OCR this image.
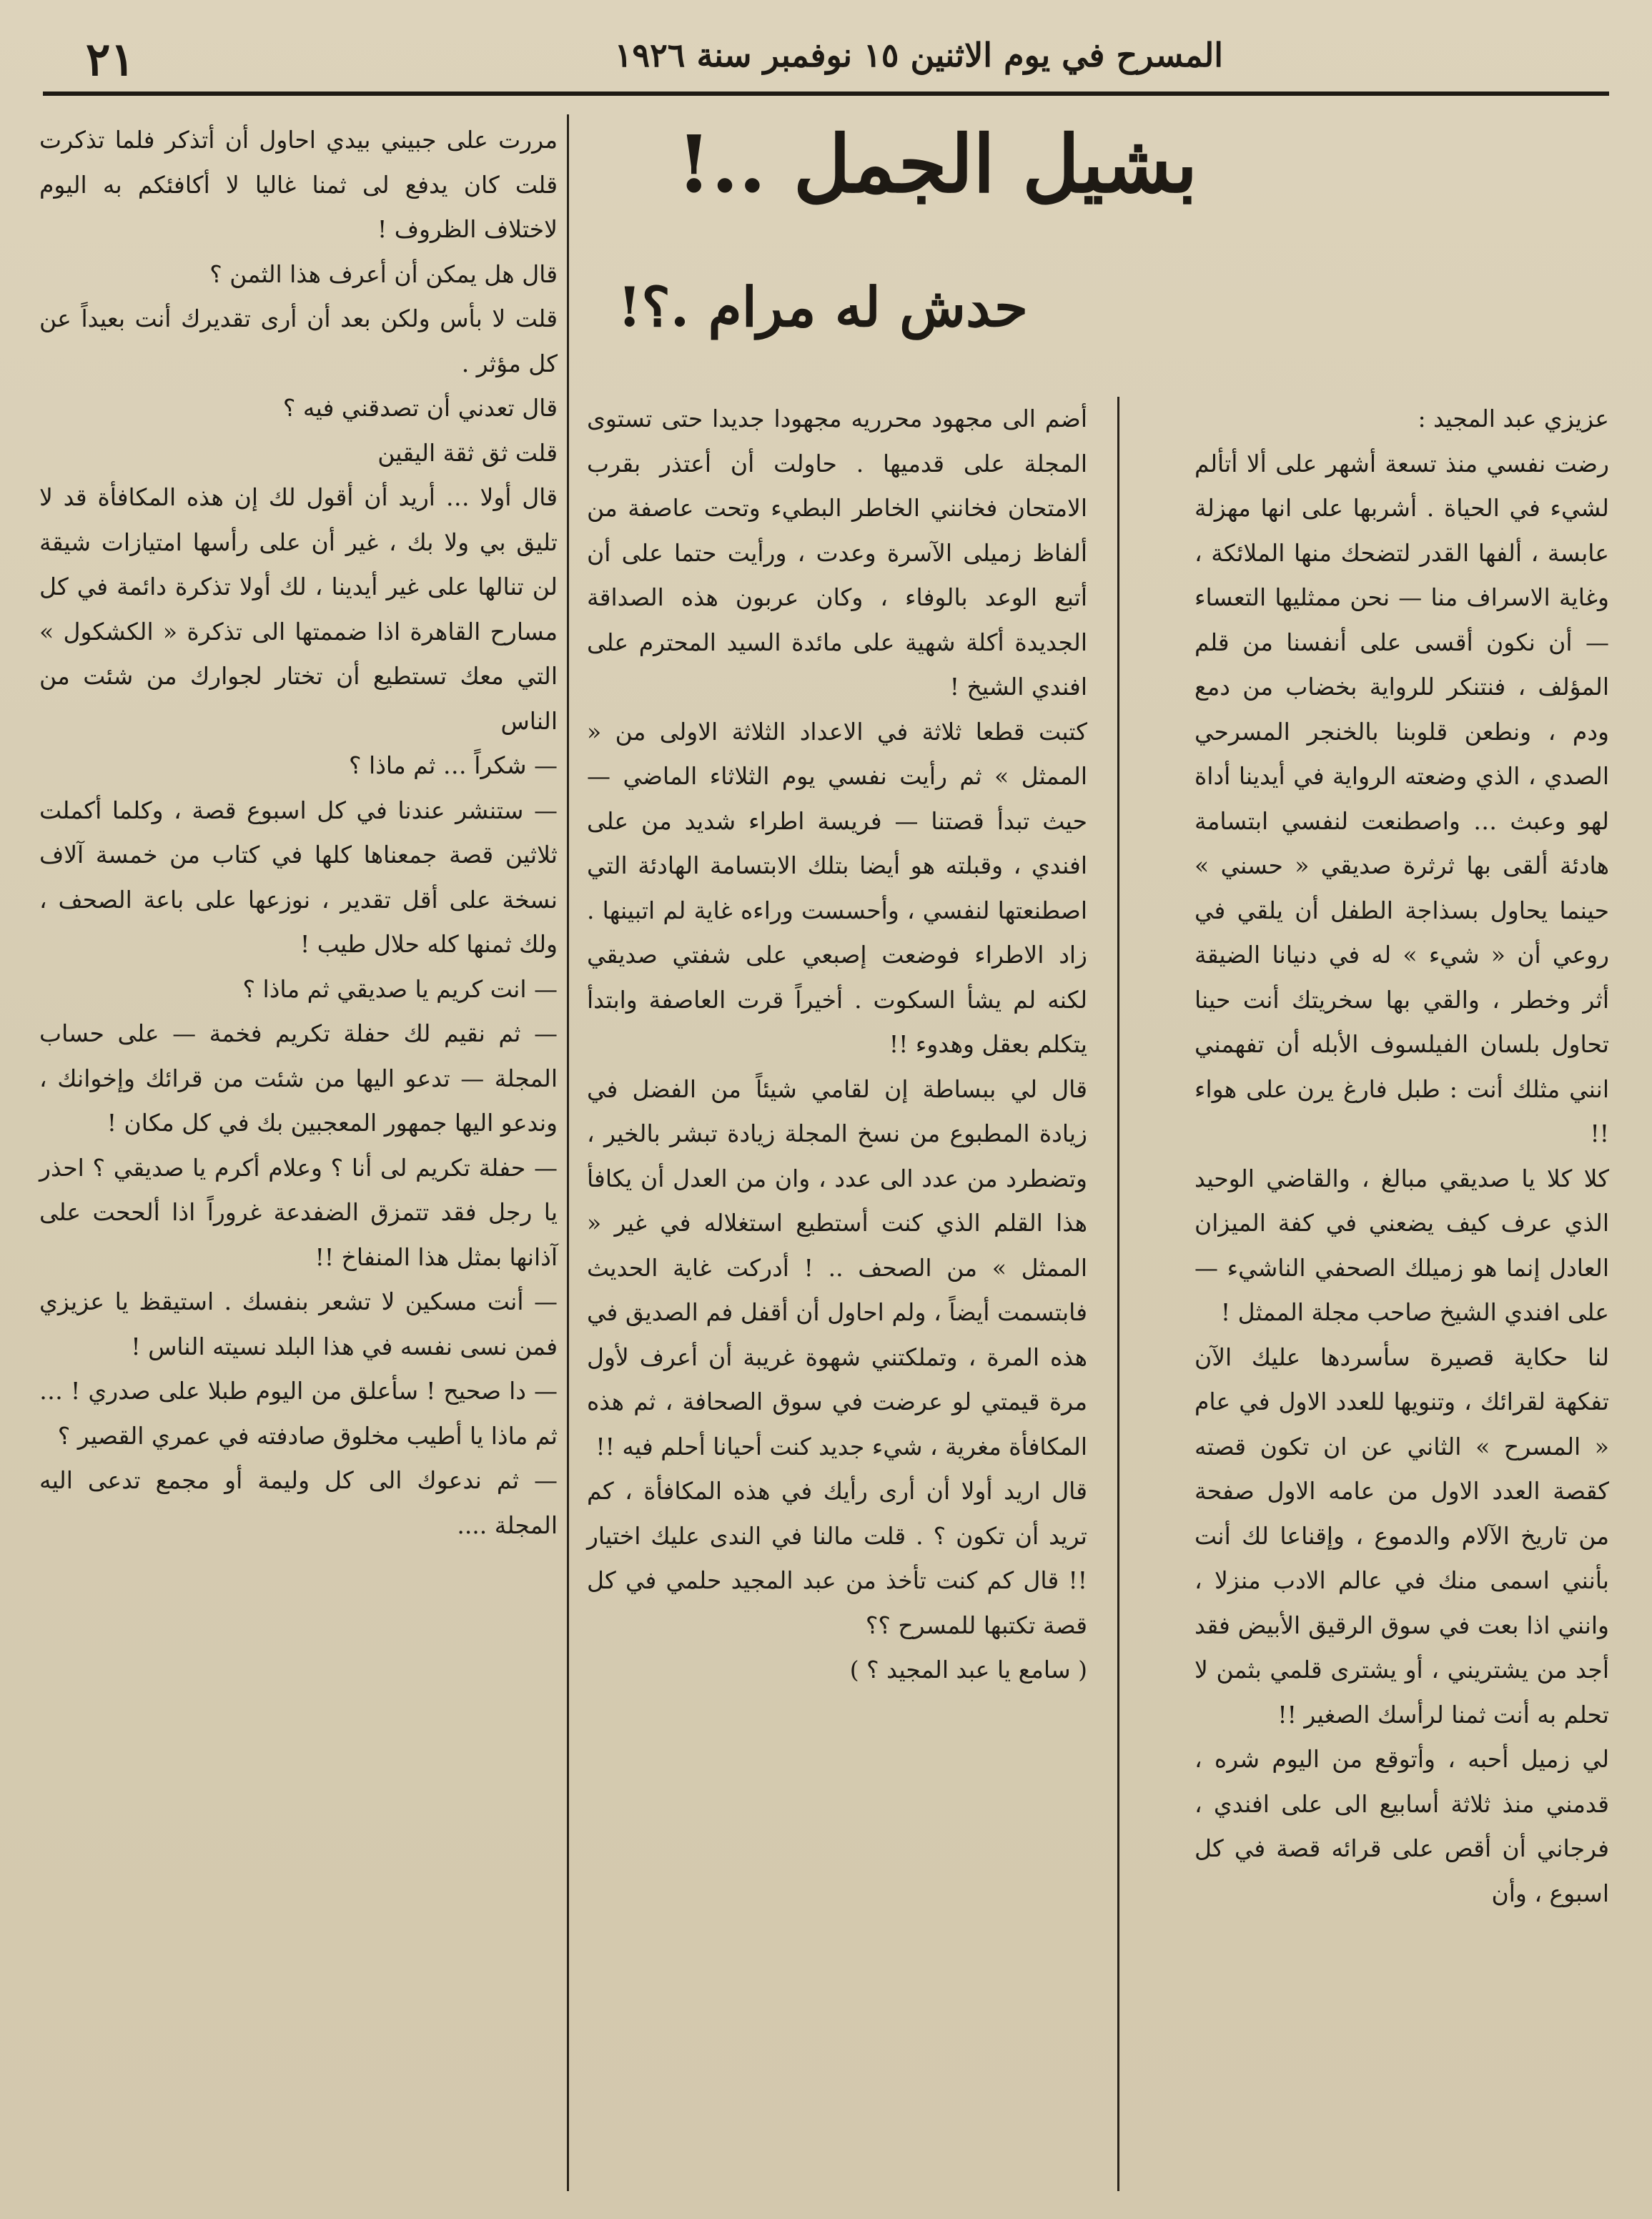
٢١	المسرح في يوم الاثنين ١٥ نوفمبر سنة ١٩٢٦
بشيل الجمل ..!
حدش له مرام .؟!

عزيزي عبد المجيد :

رضت نفسي منذ تسعة أشهر على ألا أتألم لشيء في الحياة . أشربها على انها مهزلة عابسة ، ألفها القدر لتضحك منها الملائكة ، وغاية الاسراف منا — نحن ممثليها التعساء — أن نكون أقسى على أنفسنا من قلم المؤلف ، فنتنكر للرواية بخضاب من دمع ودم ، ونطعن قلوبنا بالخنجر المسرحي الصدي ، الذي وضعته الرواية في أيدينا أداة لهو وعبث … واصطنعت لنفسي ابتسامة هادئة ألقى بها ثرثرة صديقي « حسني » حينما يحاول بسذاجة الطفل أن يلقي في روعي أن « شيء » له في دنيانا الضيقة أثر وخطر ، والقي بها سخريتك أنت حينا تحاول بلسان الفيلسوف الأبله أن تفهمني انني مثلك أنت : طبل فارغ يرن على هواء !!

كلا كلا يا صديقي مبالغ ، والقاضي الوحيد الذي عرف كيف يضعني في كفة الميزان العادل إنما هو زميلك الصحفي الناشيء — على افندي الشيخ صاحب مجلة الممثل !

لنا حكاية قصيرة سأسردها عليك الآن تفكهة لقرائك ، وتنويها للعدد الاول في عام « المسرح » الثاني عن ان تكون قصته كقصة العدد الاول من عامه الاول صفحة من تاريخ الآلام والدموع ، وإقناعا لك أنت بأنني اسمى منك في عالم الادب منزلا ، وانني اذا بعت في سوق الرقيق الأبيض فقد أجد من يشتريني ، أو يشترى قلمي بثمن لا تحلم به أنت ثمنا لرأسك الصغير !!

لي زميل أحبه ، وأتوقع من اليوم شره ، قدمني منذ ثلاثة أسابيع الى على افندي ، فرجاني أن أقص على قرائه قصة في كل اسبوع ، وأن

أضم الى مجهود محرريه مجهودا جديدا حتى تستوى المجلة على قدميها . حاولت أن أعتذر بقرب الامتحان فخانني الخاطر البطيء وتحت عاصفة من ألفاظ زميلى الآسرة وعدت ، ورأيت حتما على أن أتبع الوعد بالوفاء ، وكان عربون هذه الصداقة الجديدة أكلة شهية على مائدة السيد المحترم على افندي الشيخ !

كتبت قطعا ثلاثة في الاعداد الثلاثة الاولى من « الممثل » ثم رأيت نفسي يوم الثلاثاء الماضي — حيث تبدأ قصتنا — فريسة اطراء شديد من على افندي ، وقبلته هو أيضا بتلك الابتسامة الهادئة التي اصطنعتها لنفسي ، وأحسست وراءه غاية لم اتبينها . زاد الاطراء فوضعت إصبعي على شفتي صديقي لكنه لم يشأ السكوت . أخيراً قرت العاصفة وابتدأ يتكلم بعقل وهدوء !!

قال لي ببساطة إن لقامي شيئاً من الفضل في زيادة المطبوع من نسخ المجلة زيادة تبشر بالخير ، وتضطرد من عدد الى عدد ، وان من العدل أن يكافأ هذا القلم الذي كنت أستطيع استغلاله في غير « الممثل » من الصحف .. ! أدركت غاية الحديث فابتسمت أيضاً ، ولم احاول أن أقفل فم الصديق في هذه المرة ، وتملكتني شهوة غريبة أن أعرف لأول مرة قيمتي لو عرضت في سوق الصحافة ، ثم هذه المكافأة مغرية ، شيء جديد كنت أحيانا أحلم فيه !!

قال اريد أولا أن أرى رأيك في هذه المكافأة ، كم تريد أن تكون ؟ . قلت مالنا في الندى عليك اختيار !! قال كم كنت تأخذ من عبد المجيد حلمي في كل قصة تكتبها للمسرح ؟؟

( سامع يا عبد المجيد ؟ )

مررت على جبيني بيدي احاول أن أتذكر فلما تذكرت قلت كان يدفع لى ثمنا غاليا لا أكافئكم به اليوم لاختلاف الظروف !

قال هل يمكن أن أعرف هذا الثمن ؟

قلت لا بأس ولكن بعد أن أرى تقديرك أنت بعيداً عن كل مؤثر .

قال تعدني أن تصدقني فيه ؟

قلت ثق ثقة اليقين

قال أولا … أريد أن أقول لك إن هذه المكافأة قد لا تليق بي ولا بك ، غير أن على رأسها امتيازات شيقة لن تنالها على غير أيدينا ، لك أولا تذكرة دائمة في كل مسارح القاهرة اذا ضممتها الى تذكرة « الكشكول » التي معك تستطيع أن تختار لجوارك من شئت من الناس

— شكراً … ثم ماذا ؟

— ستنشر عندنا في كل اسبوع قصة ، وكلما أكملت ثلاثين قصة جمعناها كلها في كتاب من خمسة آلاف نسخة على أقل تقدير ، نوزعها على باعة الصحف ، ولك ثمنها كله حلال طيب !

— انت كريم يا صديقي ثم ماذا ؟

— ثم نقيم لك حفلة تكريم فخمة — على حساب المجلة — تدعو اليها من شئت من قرائك وإخوانك ، وندعو اليها جمهور المعجبين بك في كل مكان !

— حفلة تكريم لى أنا ؟ وعلام أكرم يا صديقي ؟ احذر يا رجل فقد تتمزق الضفدعة غروراً اذا ألححت على آذانها بمثل هذا المنفاخ !!

— أنت مسكين لا تشعر بنفسك . استيقظ يا عزيزي فمن نسى نفسه في هذا البلد نسيته الناس !

— دا صحيح ! سأعلق من اليوم طبلا على صدري ! … ثم ماذا يا أطيب مخلوق صادفته في عمري القصير ؟

— ثم ندعوك الى كل وليمة أو مجمع تدعى اليه المجلة ....
